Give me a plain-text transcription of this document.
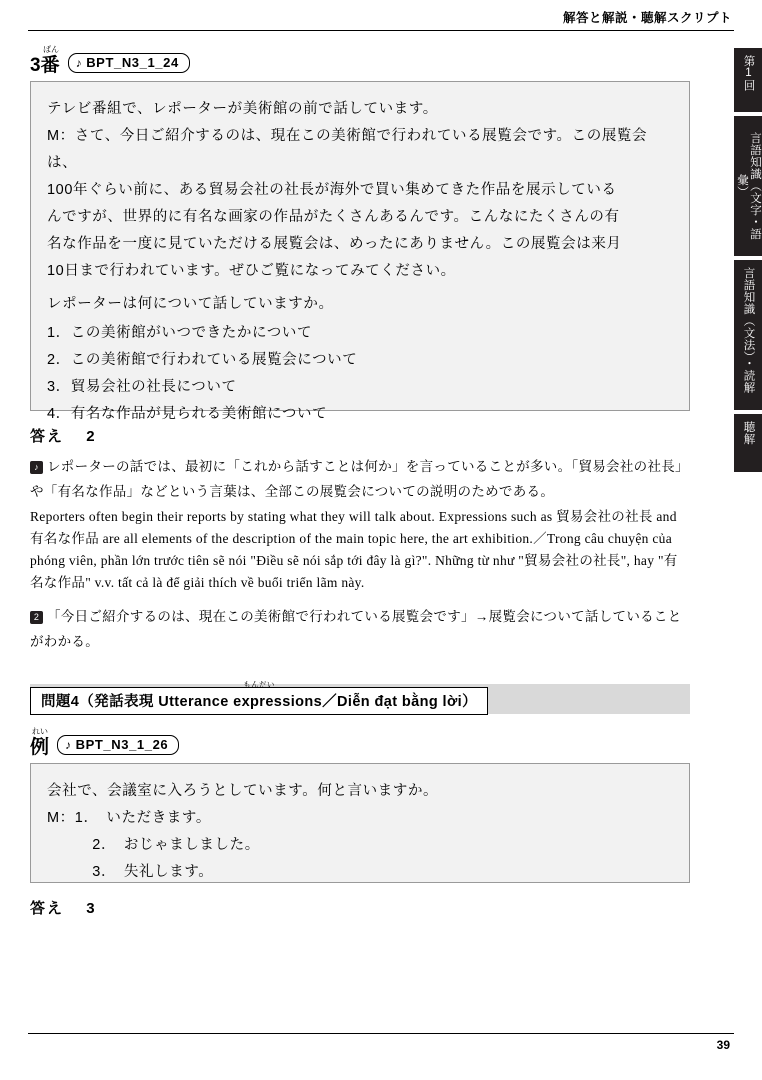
解答と解説・聴解スクリプト
第1回
言語知識（文字・語彙）
言語知識（文法）・読解
聴解
ばん
3番 ♪ BPT_N3_1_24
テレビ番組で、レポーターが美術館の前で話しています。
M：さて、今日ご紹介するのは、現在この美術館で行われている展覧会です。この展覧会は、
100年ぐらい前に、ある貿易会社の社長が海外で買い集めてきた作品を展示している
んですが、世界的に有名な画家の作品がたくさんあるんです。こんなにたくさんの有
名な作品を一度に見ていただける展覧会は、めったにありません。この展覧会は来月
10日まで行われています。ぜひご覧になってみてください。
レポーターは何について話していますか。
1．この美術館がいつできたかについて
2．この美術館で行われている展覧会について
3．貿易会社の社長について
4．有名な作品が見られる美術館について
答え 2
♪ レポーターの話では、最初に「これから話すことは何か」を言っていることが多い。「貿易会社の社長」や「有名な作品」などという言葉は、全部この展覧会についての説明のためである。
Reporters often begin their reports by stating what they will talk about. Expressions such as 貿易会社の社長 and 有名な作品 are all elements of the description of the main topic here, the art exhibition.／Trong câu chuyện của phóng viên, phần lớn trước tiên sẽ nói "Điều sẽ nói sắp tới đây là gì?". Những từ như "貿易会社の社長", hay "有名な作品" v.v. tất cả là để giải thích về buổi triển lãm này.
2 「今日ご紹介するのは、現在この美術館で行われている展覧会です」→展覧会について話していることがわかる。
もんだい
問題4（発話表現 Utterance expressions／Diễn đạt bằng lời）
れい
例 ♪ BPT_N3_1_26
会社で、会議室に入ろうとしています。何と言いますか。
M：1．　いただきます。
　　　2．　おじゃましました。
　　　3．　失礼します。
答え 3
39
